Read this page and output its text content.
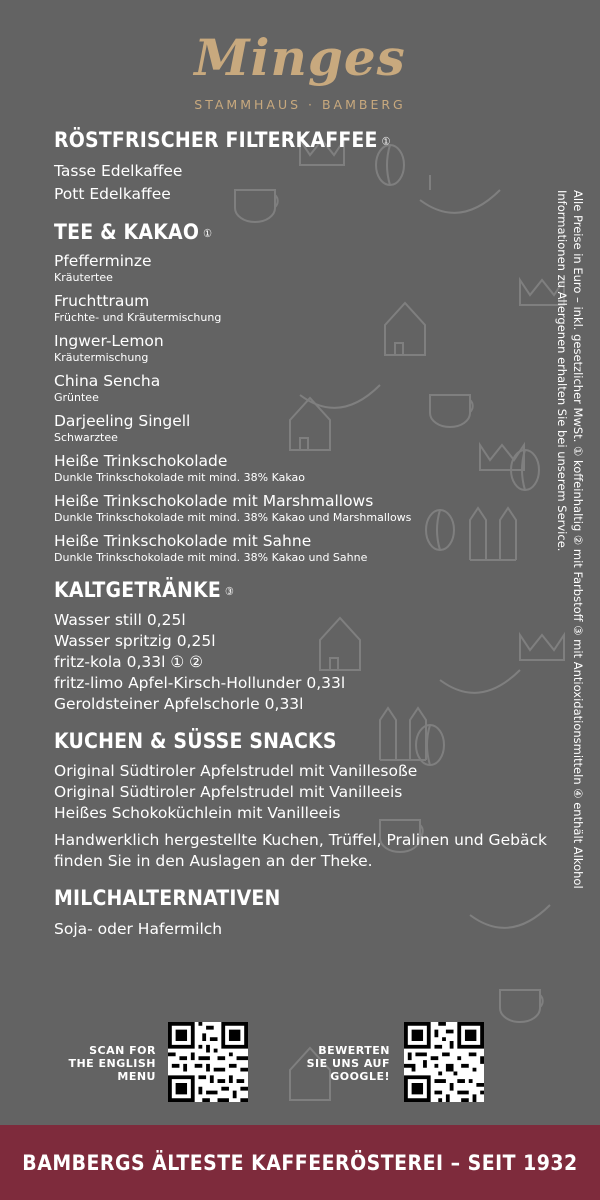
Minges
STAMMHAUS · BAMBERG
RÖSTFRISCHER FILTERKAFFEE ①
Tasse Edelkaffee
Pott Edelkaffee
TEE & KAKAO ①
Pfefferminze
Kräutertee
Fruchttraum
Früchte- und Kräutermischung
Ingwer-Lemon
Kräutermischung
China Sencha
Grüntee
Darjeeling Singell
Schwarztee
Heiße Trinkschokolade
Dunkle Trinkschokolade mit mind. 38% Kakao
Heiße Trinkschokolade mit Marshmallows
Dunkle Trinkschokolade mit mind. 38% Kakao und Marshmallows
Heiße Trinkschokolade mit Sahne
Dunkle Trinkschokolade mit mind. 38% Kakao und Sahne
KALTGETRÄNKE ③
Wasser still 0,25l
Wasser spritzig 0,25l
fritz-kola 0,33l ① ②
fritz-limo Apfel-Kirsch-Hollunder 0,33l
Geroldsteiner Apfelschorle 0,33l
KUCHEN & SÜSSE SNACKS
Original Südtiroler Apfelstrudel mit Vanillesoße
Original Südtiroler Apfelstrudel mit Vanilleeis
Heißes Schokoküchlein mit Vanilleeis
Handwerklich hergestellte Kuchen, Trüffel, Pralinen und Gebäck finden Sie in den Auslagen an der Theke.
MILCHALTERNATIVEN
Soja- oder Hafermilch
Alle Preise in Euro – inkl. gesetzlicher MwSt. ① koffeinhaltig ② mit Farbstoff ③ mit Antioxidationsmitteln ④ enthält Alkohol
Informationen zu Allergenen erhalten Sie bei unserem Service.
SCAN FOR
THE ENGLISH
MENU
BEWERTEN
SIE UNS AUF
GOOGLE!
BAMBERGS ÄLTESTE KAFFEERÖSTEREI – SEIT 1932
